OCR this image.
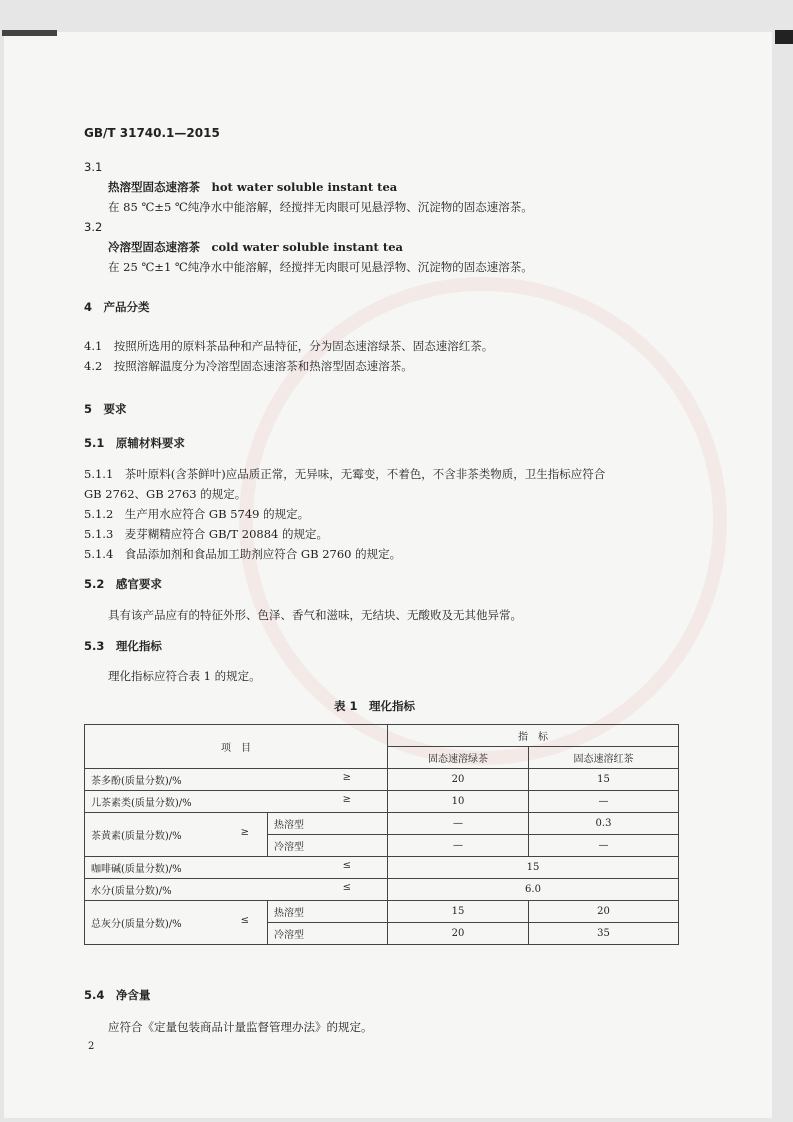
GB/T 31740.1—2015
3.1
热溶型固态速溶茶　hot water soluble instant tea
在 85 ℃±5 ℃纯净水中能溶解，经搅拌无肉眼可见悬浮物、沉淀物的固态速溶茶。
3.2
冷溶型固态速溶茶　cold water soluble instant tea
在 25 ℃±1 ℃纯净水中能溶解，经搅拌无肉眼可见悬浮物、沉淀物的固态速溶茶。
4　产品分类
4.1　按照所选用的原料茶品种和产品特征，分为固态速溶绿茶、固态速溶红茶。
4.2　按照溶解温度分为冷溶型固态速溶茶和热溶型固态速溶茶。
5　要求
5.1　原辅材料要求
5.1.1　茶叶原料(含茶鲜叶)应品质正常，无异味，无霉变，不着色，不含非茶类物质，卫生指标应符合
GB 2762、GB 2763 的规定。
5.1.2　生产用水应符合 GB 5749 的规定。
5.1.3　麦芽糊精应符合 GB/T 20884 的规定。
5.1.4　食品添加剂和食品加工助剂应符合 GB 2760 的规定。
5.2　感官要求
具有该产品应有的特征外形、色泽、香气和滋味，无结块、无酸败及无其他异常。
5.3　理化指标
理化指标应符合表 1 的规定。
表 1　理化指标
项　目		指　标	
		固态速溶绿茶	固态速溶红茶

茶多酚(质量分数)/% ≥		20	15

儿茶素类(质量分数)/% ≥		10	—

茶黄素(质量分数)/% ≥	热溶型	—	0.3
	冷溶型	—	—

咖啡碱(质量分数)/% ≤		15	

水分(质量分数)/% ≤		6.0	

总灰分(质量分数)/% ≤	热溶型	15	20
	冷溶型	20	35
5.4　净含量
应符合《定量包装商品计量监督管理办法》的规定。
2
